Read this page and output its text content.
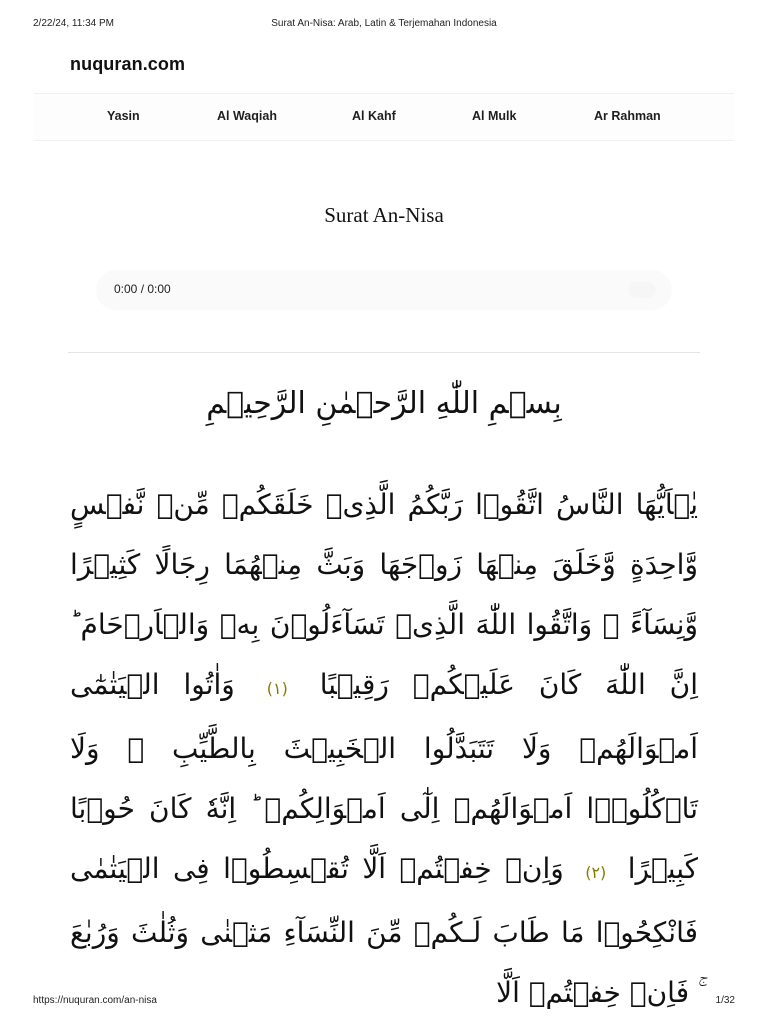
2/22/24, 11:34 PM	Surat An-Nisa: Arab, Latin & Terjemahan Indonesia
nuquran.com
Yasin	Al Waqiah	Al Kahf	Al Mulk	Ar Rahman
Surat An-Nisa
0:00 / 0:00
بِسۡمِ اللّٰهِ الرَّحۡمٰنِ الرَّحِيۡمِ

يٰۤاَيُّهَا النَّاسُ اتَّقُوۡا رَبَّكُمُ الَّذِىۡ خَلَقَكُمۡ مِّنۡ نَّفۡسٍ وَّاحِدَةٍ وَّخَلَقَ مِنۡهَا زَوۡجَهَا وَبَثَّ مِنۡهُمَا رِجَالًا كَثِيۡرًا وَّنِسَآءً‌ ۚ وَاتَّقُوا اللّٰهَ الَّذِىۡ تَسَآءَلُوۡنَ بِهٖ وَالۡاَرۡحَامَ‌ ؕ اِنَّ اللّٰهَ كَانَ عَلَيۡكُمۡ رَقِيۡبًا (١) وَاٰتُوا الۡيَتٰمٰٓى اَمۡوَالَهُمۡ‌ وَلَا تَتَبَدَّلُوا الۡخَبِيۡثَ بِالطَّيِّبِ‌ ۖ وَلَا تَاۡكُلُوۡۤا اَمۡوَالَهُمۡ اِلٰٓى اَمۡوَالِكُمۡ‌ ؕ اِنَّهٗ كَانَ حُوۡبًا كَبِيۡرًا (٢) وَاِنۡ خِفۡتُمۡ اَلَّا تُقۡسِطُوۡا فِى الۡيَتٰمٰى فَانْكِحُوۡا مَا طَابَ لَـكُمۡ مِّنَ النِّسَآءِ مَثۡنٰى وَثُلٰثَ وَرُبٰعَ‌ ۚ فَاِنۡ خِفۡتُمۡ اَلَّا

https://nuquran.com/an-nisa	1/32
